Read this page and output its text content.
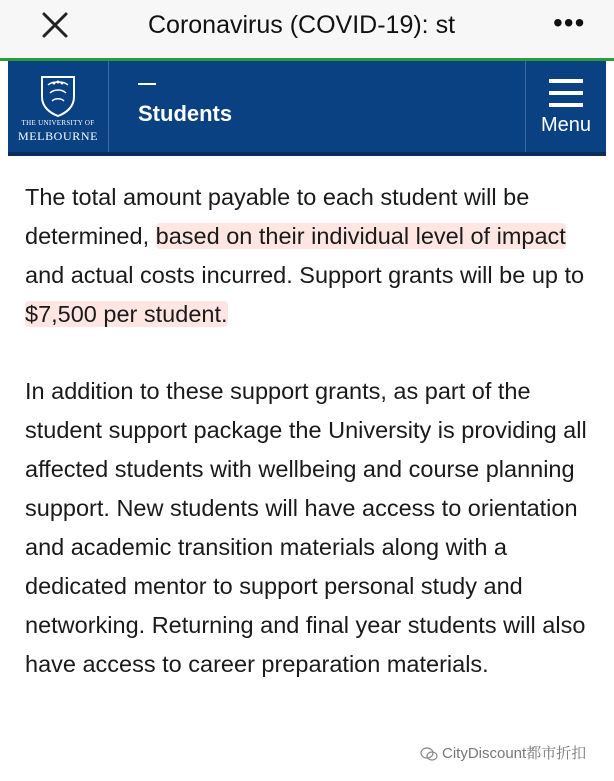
Coronavirus (COVID-19): st	•••
THE UNIVERSITY OF
MELBOURNE
Students	Menu

The total amount payable to each student will be determined, based on their individual level of impact and actual costs incurred. Support grants will be up to $7,500 per student.

In addition to these support grants, as part of the student support package the University is providing all affected students with wellbeing and course planning support. New students will have access to orientation and academic transition materials along with a dedicated mentor to support personal study and networking. Returning and final year students will also have access to career preparation materials.

CityDiscount都市折扣
